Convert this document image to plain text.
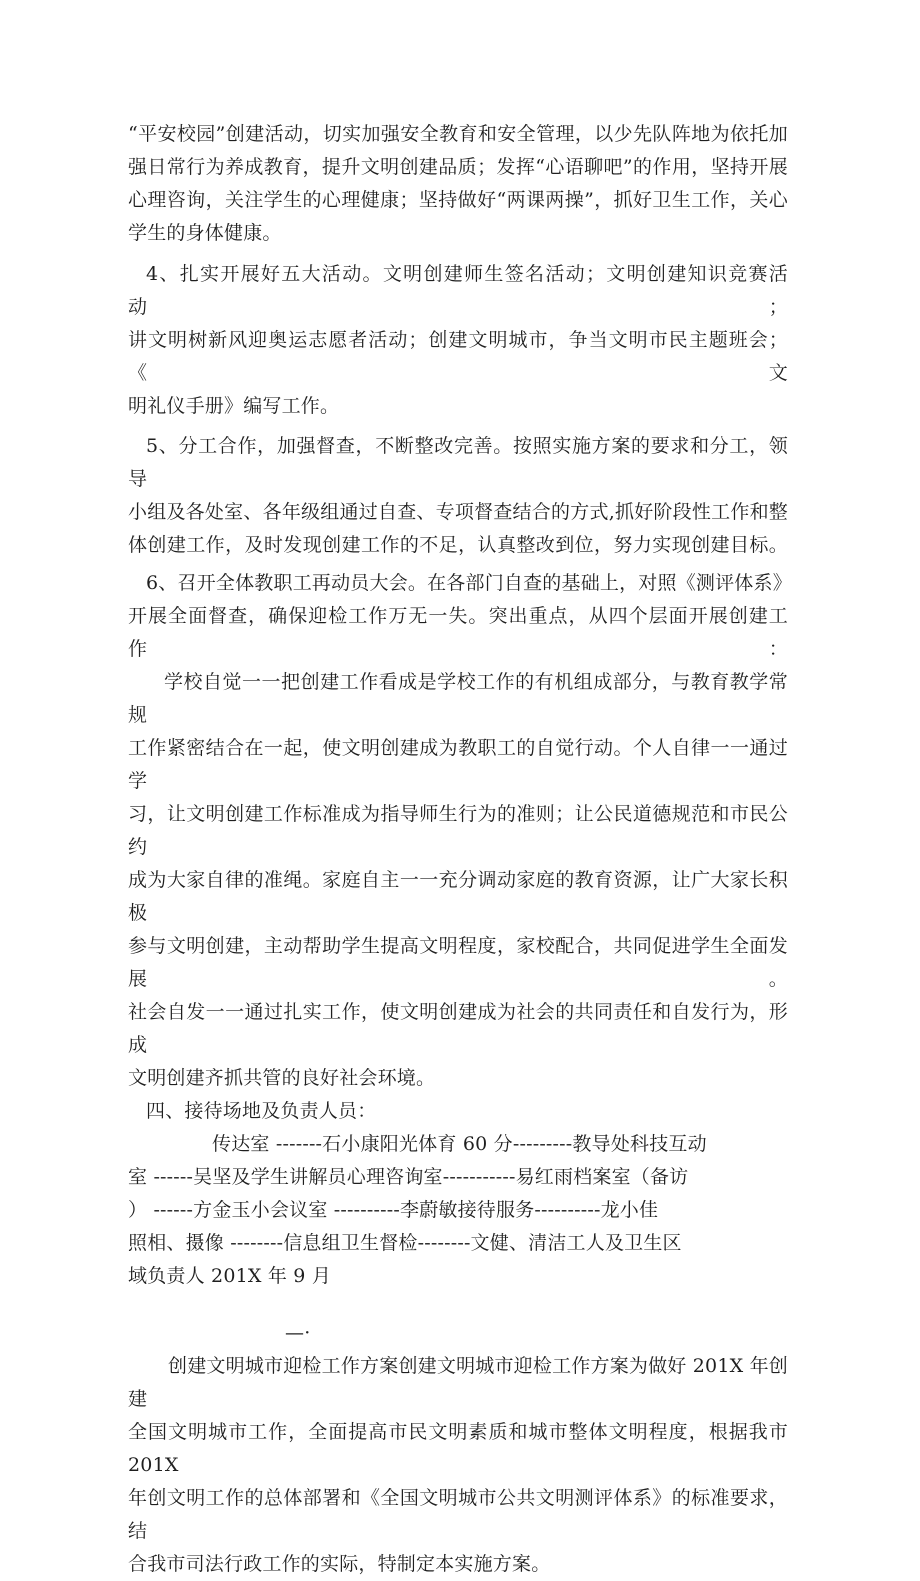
“平安校园”创建活动，切实加强安全教育和安全管理，以少先队阵地为依托加
强日常行为养成教育，提升文明创建品质；发挥“心语聊吧”的作用，坚持开展
心理咨询，关注学生的心理健康；坚持做好“两课两操”，抓好卫生工作，关心
学生的身体健康。

4、扎实开展好五大活动。文明创建师生签名活动；文明创建知识竞赛活动；
讲文明树新风迎奥运志愿者活动；创建文明城市，争当文明市民主题班会；《文
明礼仪手册》编写工作。

5、分工合作，加强督查，不断整改完善。按照实施方案的要求和分工，领导
小组及各处室、各年级组通过自查、专项督查结合的方式,抓好阶段性工作和整
体创建工作，及时发现创建工作的不足，认真整改到位，努力实现创建目标。

6、召开全体教职工再动员大会。在各部门自查的基础上，对照《测评体系》
开展全面督查，确保迎检工作万无一失。突出重点，从四个层面开展创建工作：

学校自觉一一把创建工作看成是学校工作的有机组成部分，与教育教学常规
工作紧密结合在一起，使文明创建成为教职工的自觉行动。个人自律一一通过学
习，让文明创建工作标准成为指导师生行为的准则；让公民道德规范和市民公约
成为大家自律的准绳。家庭自主一一充分调动家庭的教育资源，让广大家长积极
参与文明创建，主动帮助学生提高文明程度，家校配合，共同促进学生全面发展。
社会自发一一通过扎实工作，使文明创建成为社会的共同责任和自发行为，形成
文明创建齐抓共管的良好社会环境。

四、接待场地及负责人员：

传达室 -------石小康阳光体育 60 分---------教导处科技互动
室 ------吴坚及学生讲解员心理咨询室-----------易红雨档案室（备访
） ------方金玉小会议室 ----------李蔚敏接待服务----------龙小佳
照相、摄像 --------信息组卫生督检--------文健、清洁工人及卫生区
域负责人 201X 年 9 月

—·

创建文明城市迎检工作方案创建文明城市迎检工作方案为做好 201X 年创建
全国文明城市工作，全面提高市民文明素质和城市整体文明程度，根据我市 201X
年创文明工作的总体部署和《全国文明城市公共文明测评体系》的标准要求，结
合我市司法行政工作的实际，特制定本实施方案。
